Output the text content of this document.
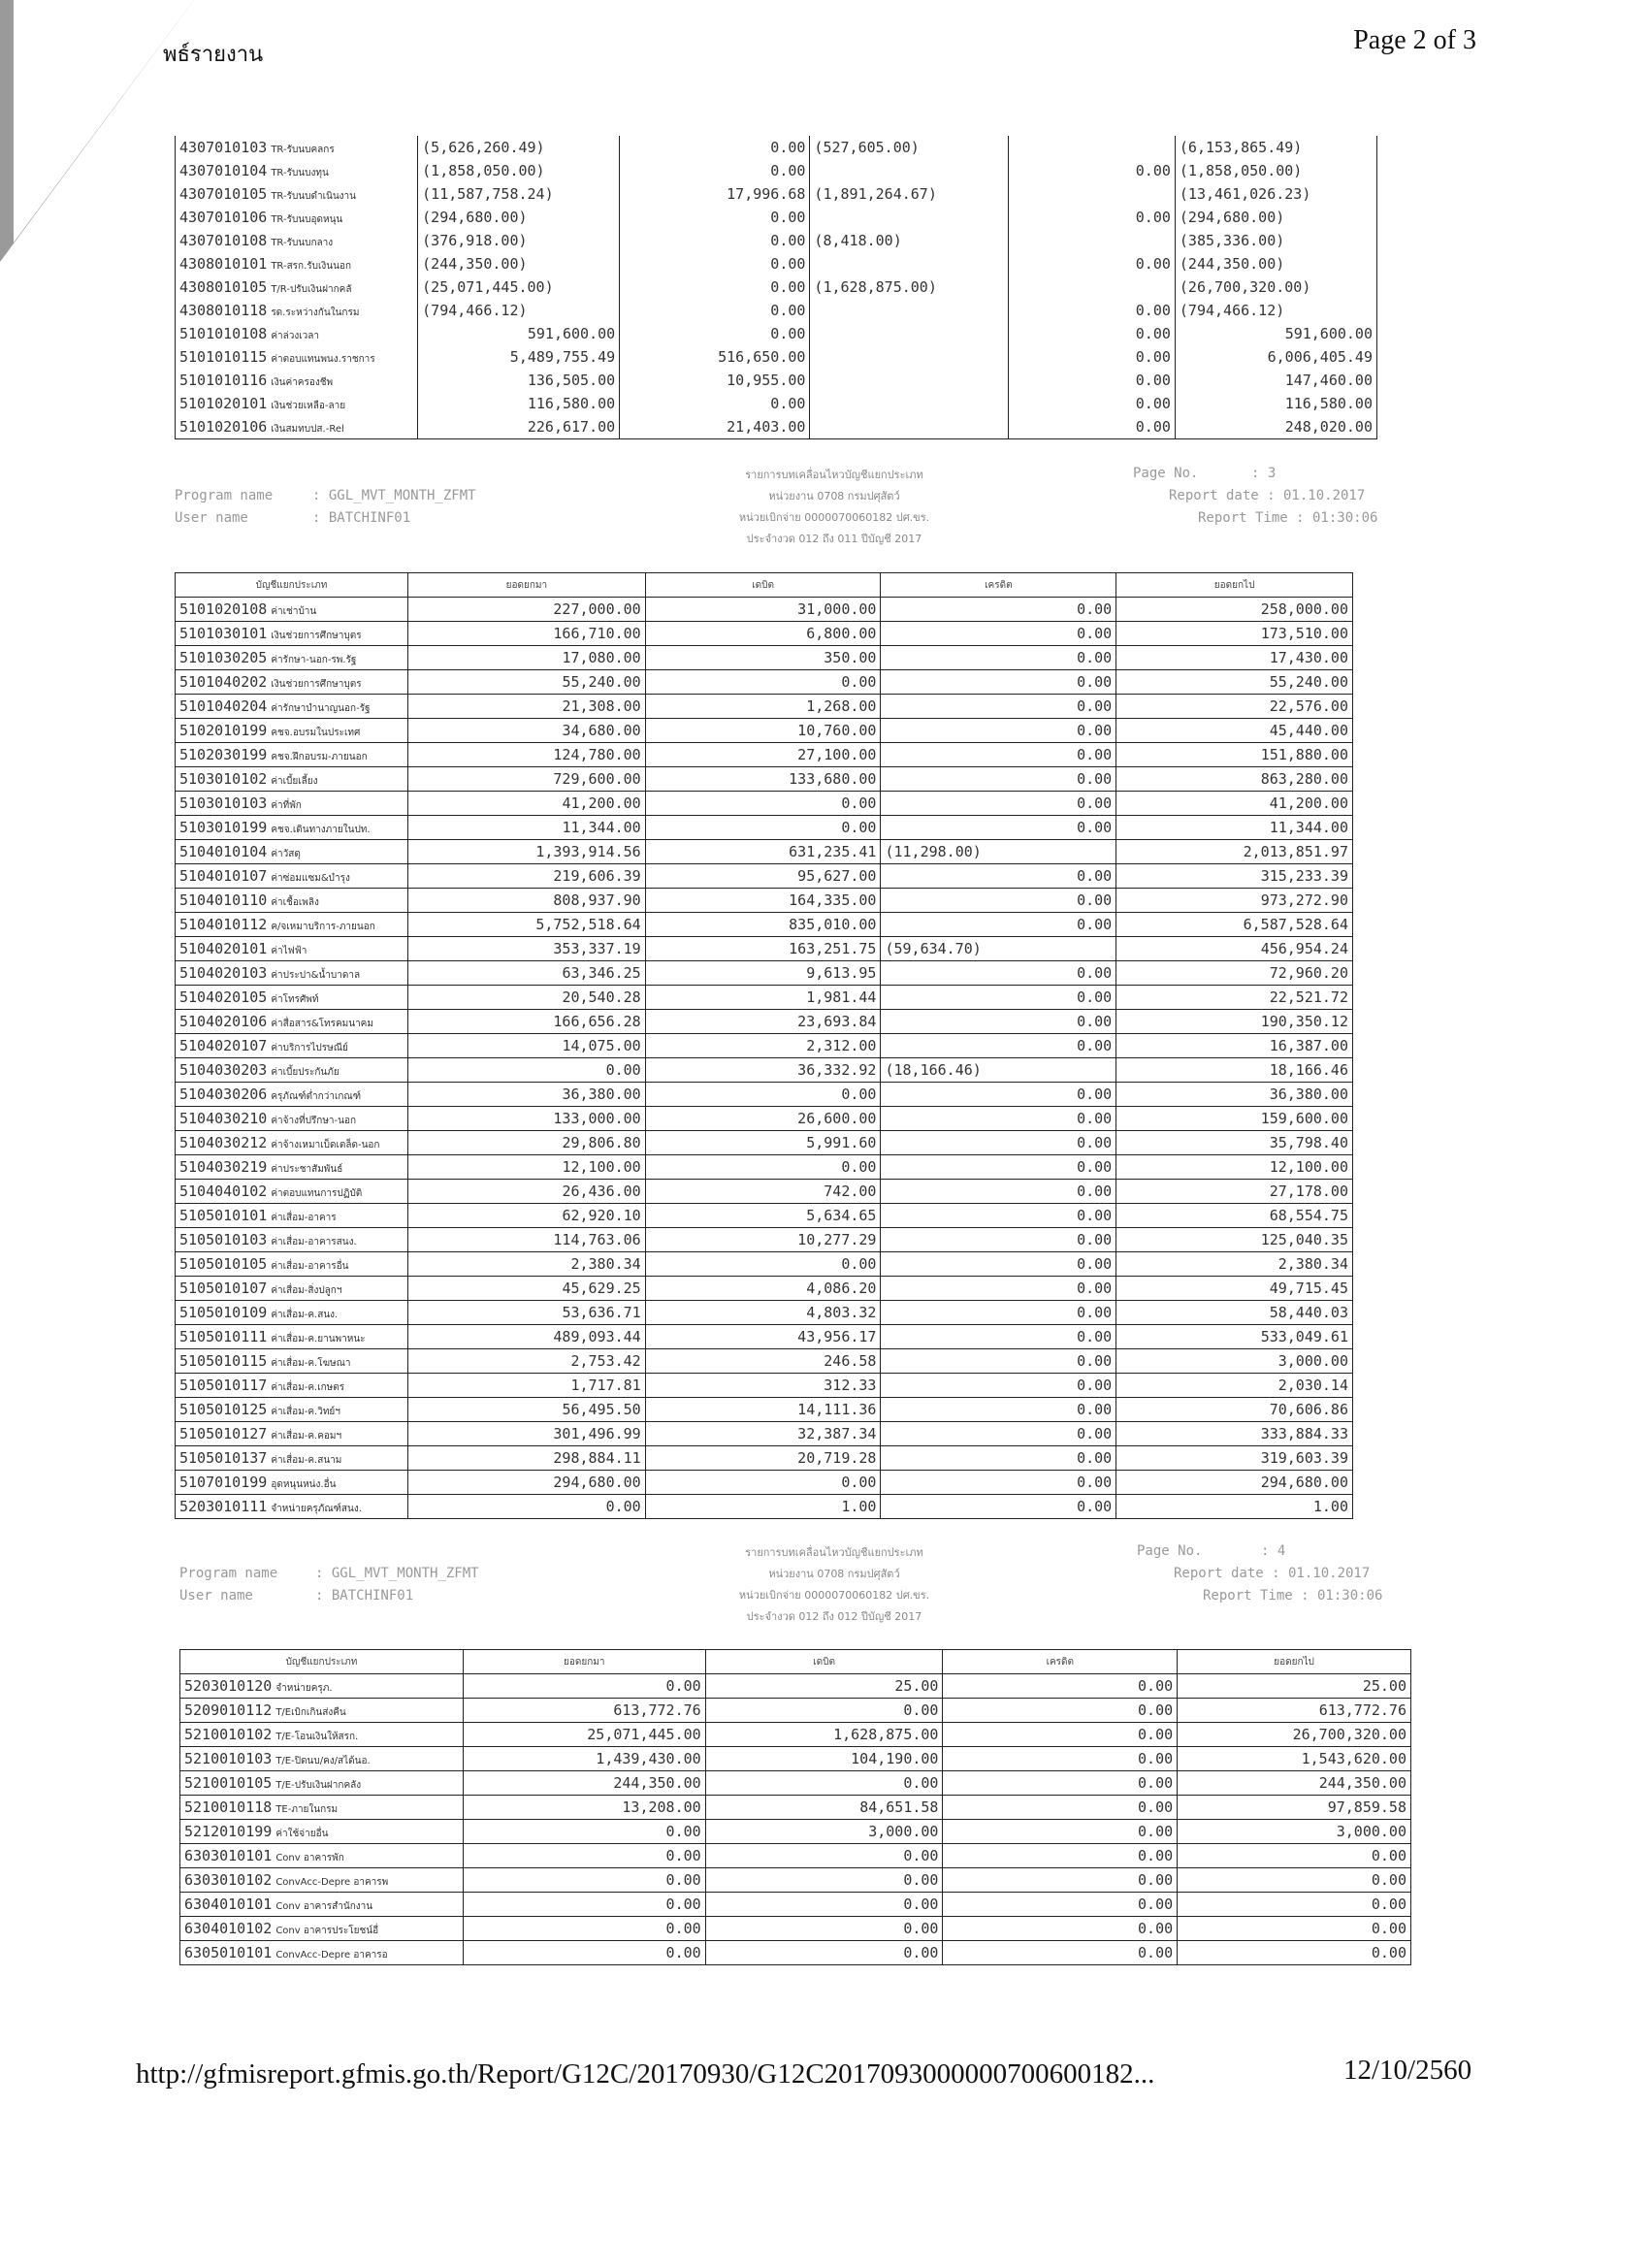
พธ์รายงาน	Page 2 of 3
4307010103 TR-รับนบคลกร	(5,626,260.49)	0.00	(527,605.00)		(6,153,865.49)
4307010104 TR-รับนบงทุน	(1,858,050.00)	0.00		0.00	(1,858,050.00)
4307010105 TR-รับนบดำเนินงาน	(11,587,758.24)	17,996.68	(1,891,264.67)		(13,461,026.23)
4307010106 TR-รับนบอุดหนุน	(294,680.00)	0.00		0.00	(294,680.00)
4307010108 TR-รับนบกลาง	(376,918.00)	0.00	(8,418.00)		(385,336.00)
4308010101 TR-สรก.รับเงินนอก	(244,350.00)	0.00		0.00	(244,350.00)
4308010105 T/R-ปรับเงินฝากคลั	(25,071,445.00)	0.00	(1,628,875.00)		(26,700,320.00)
4308010118 รด.ระหว่างกันในกรม	(794,466.12)	0.00		0.00	(794,466.12)
5101010108 ค่าล่วงเวลา	591,600.00	0.00		0.00	591,600.00
5101010115 ค่าตอบแทนพนง.ราชการ	5,489,755.49	516,650.00		0.00	6,006,405.49
5101010116 เงินค่าครองชีพ	136,505.00	10,955.00		0.00	147,460.00
5101020101 เงินช่วยเหลือ-ลาย	116,580.00	0.00		0.00	116,580.00
5101020106 เงินสมทบปส.-Rel	226,617.00	21,403.00		0.00	248,020.00
รายการบทเคลื่อนไหวบัญชีแยกประเภท
Program name	: GGL_MVT_MONTH_ZFMT
User name	: BATCHINF01
หน่วยงาน 0708 กรมปศุสัตว์
หน่วยเบิกจ่าย 0000070060182 ปศ.ขร.
ประจำงวด 012 ถึง 011 ปีบัญชี 2017
Page No.	: 3
Report date : 01.10.2017
Report Time : 01:30:06
บัญชีแยกประเภท	ยอดยกมา	เดบิต	เครดิต	ยอดยกไป
5101020108 ค่าเช่าบ้าน	227,000.00	31,000.00	0.00	258,000.00
5101030101 เงินช่วยการศึกษาบุตร	166,710.00	6,800.00	0.00	173,510.00
5101030205 ค่ารักษา-นอก-รพ.รัฐ	17,080.00	350.00	0.00	17,430.00
5101040202 เงินช่วยการศึกษาบุตร	55,240.00	0.00	0.00	55,240.00
5101040204 ค่ารักษาบำนาญนอก-รัฐ	21,308.00	1,268.00	0.00	22,576.00
5102010199 คชจ.อบรมในประเทศ	34,680.00	10,760.00	0.00	45,440.00
5102030199 คชจ.ฝึกอบรม-ภายนอก	124,780.00	27,100.00	0.00	151,880.00
5103010102 ค่าเบี้ยเลี้ยง	729,600.00	133,680.00	0.00	863,280.00
5103010103 ค่าที่พัก	41,200.00	0.00	0.00	41,200.00
5103010199 คชจ.เดินทางภายในปท.	11,344.00	0.00	0.00	11,344.00
5104010104 ค่าวัสดุ	1,393,914.56	631,235.41	(11,298.00)	2,013,851.97
5104010107 ค่าซ่อมแซม&บำรุง	219,606.39	95,627.00	0.00	315,233.39
5104010110 ค่าเชื้อเพลิง	808,937.90	164,335.00	0.00	973,272.90
5104010112 ค/จเหมาบริการ-ภายนอก	5,752,518.64	835,010.00	0.00	6,587,528.64
5104020101 ค่าไฟฟ้า	353,337.19	163,251.75	(59,634.70)	456,954.24
5104020103 ค่าประปา&น้ำบาดาล	63,346.25	9,613.95	0.00	72,960.20
5104020105 ค่าโทรศัพท์	20,540.28	1,981.44	0.00	22,521.72
5104020106 ค่าสื่อสาร&โทรคมนาคม	166,656.28	23,693.84	0.00	190,350.12
5104020107 ค่าบริการไปรษณีย์	14,075.00	2,312.00	0.00	16,387.00
5104030203 ค่าเบี้ยประกันภัย	0.00	36,332.92	(18,166.46)	18,166.46
5104030206 ครุภัณฑ์ต่ำกว่าเกณฑ์	36,380.00	0.00	0.00	36,380.00
5104030210 ค่าจ้างที่ปรึกษา-นอก	133,000.00	26,600.00	0.00	159,600.00
5104030212 ค่าจ้างเหมาเบ็ดเตล็ด-นอก	29,806.80	5,991.60	0.00	35,798.40
5104030219 ค่าประชาสัมพันธ์	12,100.00	0.00	0.00	12,100.00
5104040102 ค่าตอบแทนการปฏิบัติ	26,436.00	742.00	0.00	27,178.00
5105010101 ค่าเสื่อม-อาคาร	62,920.10	5,634.65	0.00	68,554.75
5105010103 ค่าเสื่อม-อาคารสนง.	114,763.06	10,277.29	0.00	125,040.35
5105010105 ค่าเสื่อม-อาคารอื่น	2,380.34	0.00	0.00	2,380.34
5105010107 ค่าเสื่อม-สิ่งปลูกฯ	45,629.25	4,086.20	0.00	49,715.45
5105010109 ค่าเสื่อม-ค.สนง.	53,636.71	4,803.32	0.00	58,440.03
5105010111 ค่าเสื่อม-ค.ยานพาหนะ	489,093.44	43,956.17	0.00	533,049.61
5105010115 ค่าเสื่อม-ค.โฆษณา	2,753.42	246.58	0.00	3,000.00
5105010117 ค่าเสื่อม-ค.เกษตร	1,717.81	312.33	0.00	2,030.14
5105010125 ค่าเสื่อม-ค.วิทย์ฯ	56,495.50	14,111.36	0.00	70,606.86
5105010127 ค่าเสื่อม-ค.คอมฯ	301,496.99	32,387.34	0.00	333,884.33
5105010137 ค่าเสื่อม-ค.สนาม	298,884.11	20,719.28	0.00	319,603.39
5107010199 อุดหนุนหน่ง.อื่น	294,680.00	0.00	0.00	294,680.00
5203010111 จำหน่ายครุภัณฑ์สนง.	0.00	1.00	0.00	1.00
รายการบทเคลื่อนไหวบัญชีแยกประเภท
Program name	: GGL_MVT_MONTH_ZFMT
User name	: BATCHINF01
หน่วยงาน 0708 กรมปศุสัตว์
หน่วยเบิกจ่าย 0000070060182 ปศ.ขร.
ประจำงวด 012 ถึง 012 ปีบัญชี 2017
Page No.	: 4
Report date : 01.10.2017
Report Time : 01:30:06
บัญชีแยกประเภท	ยอดยกมา	เดบิต	เครดิต	ยอดยกไป
5203010120 จำหน่ายครุภ.	0.00	25.00	0.00	25.00
5209010112 T/Eเบิกเกินส่งคืน	613,772.76	0.00	0.00	613,772.76
5210010102 T/E-โอนเงินให้สรก.	25,071,445.00	1,628,875.00	0.00	26,700,320.00
5210010103 T/E-ปิดนบ/คง/สได้นอ.	1,439,430.00	104,190.00	0.00	1,543,620.00
5210010105 T/E-ปรับเงินฝากคลัง	244,350.00	0.00	0.00	244,350.00
5210010118 TE-ภายในกรม	13,208.00	84,651.58	0.00	97,859.58
5212010199 ค่าใช้จ่ายอื่น	0.00	3,000.00	0.00	3,000.00
6303010101 Conv อาคารพัก	0.00	0.00	0.00	0.00
6303010102 ConvAcc-Depre อาคารพ	0.00	0.00	0.00	0.00
6304010101 Conv อาคารสำนักงาน	0.00	0.00	0.00	0.00
6304010102 Conv อาคารประโยชน์อื่	0.00	0.00	0.00	0.00
6305010101 ConvAcc-Depre อาคารอ	0.00	0.00	0.00	0.00
http://gfmisreport.gfmis.go.th/Report/G12C/20170930/G12C2017093000000700600182...	12/10/2560
